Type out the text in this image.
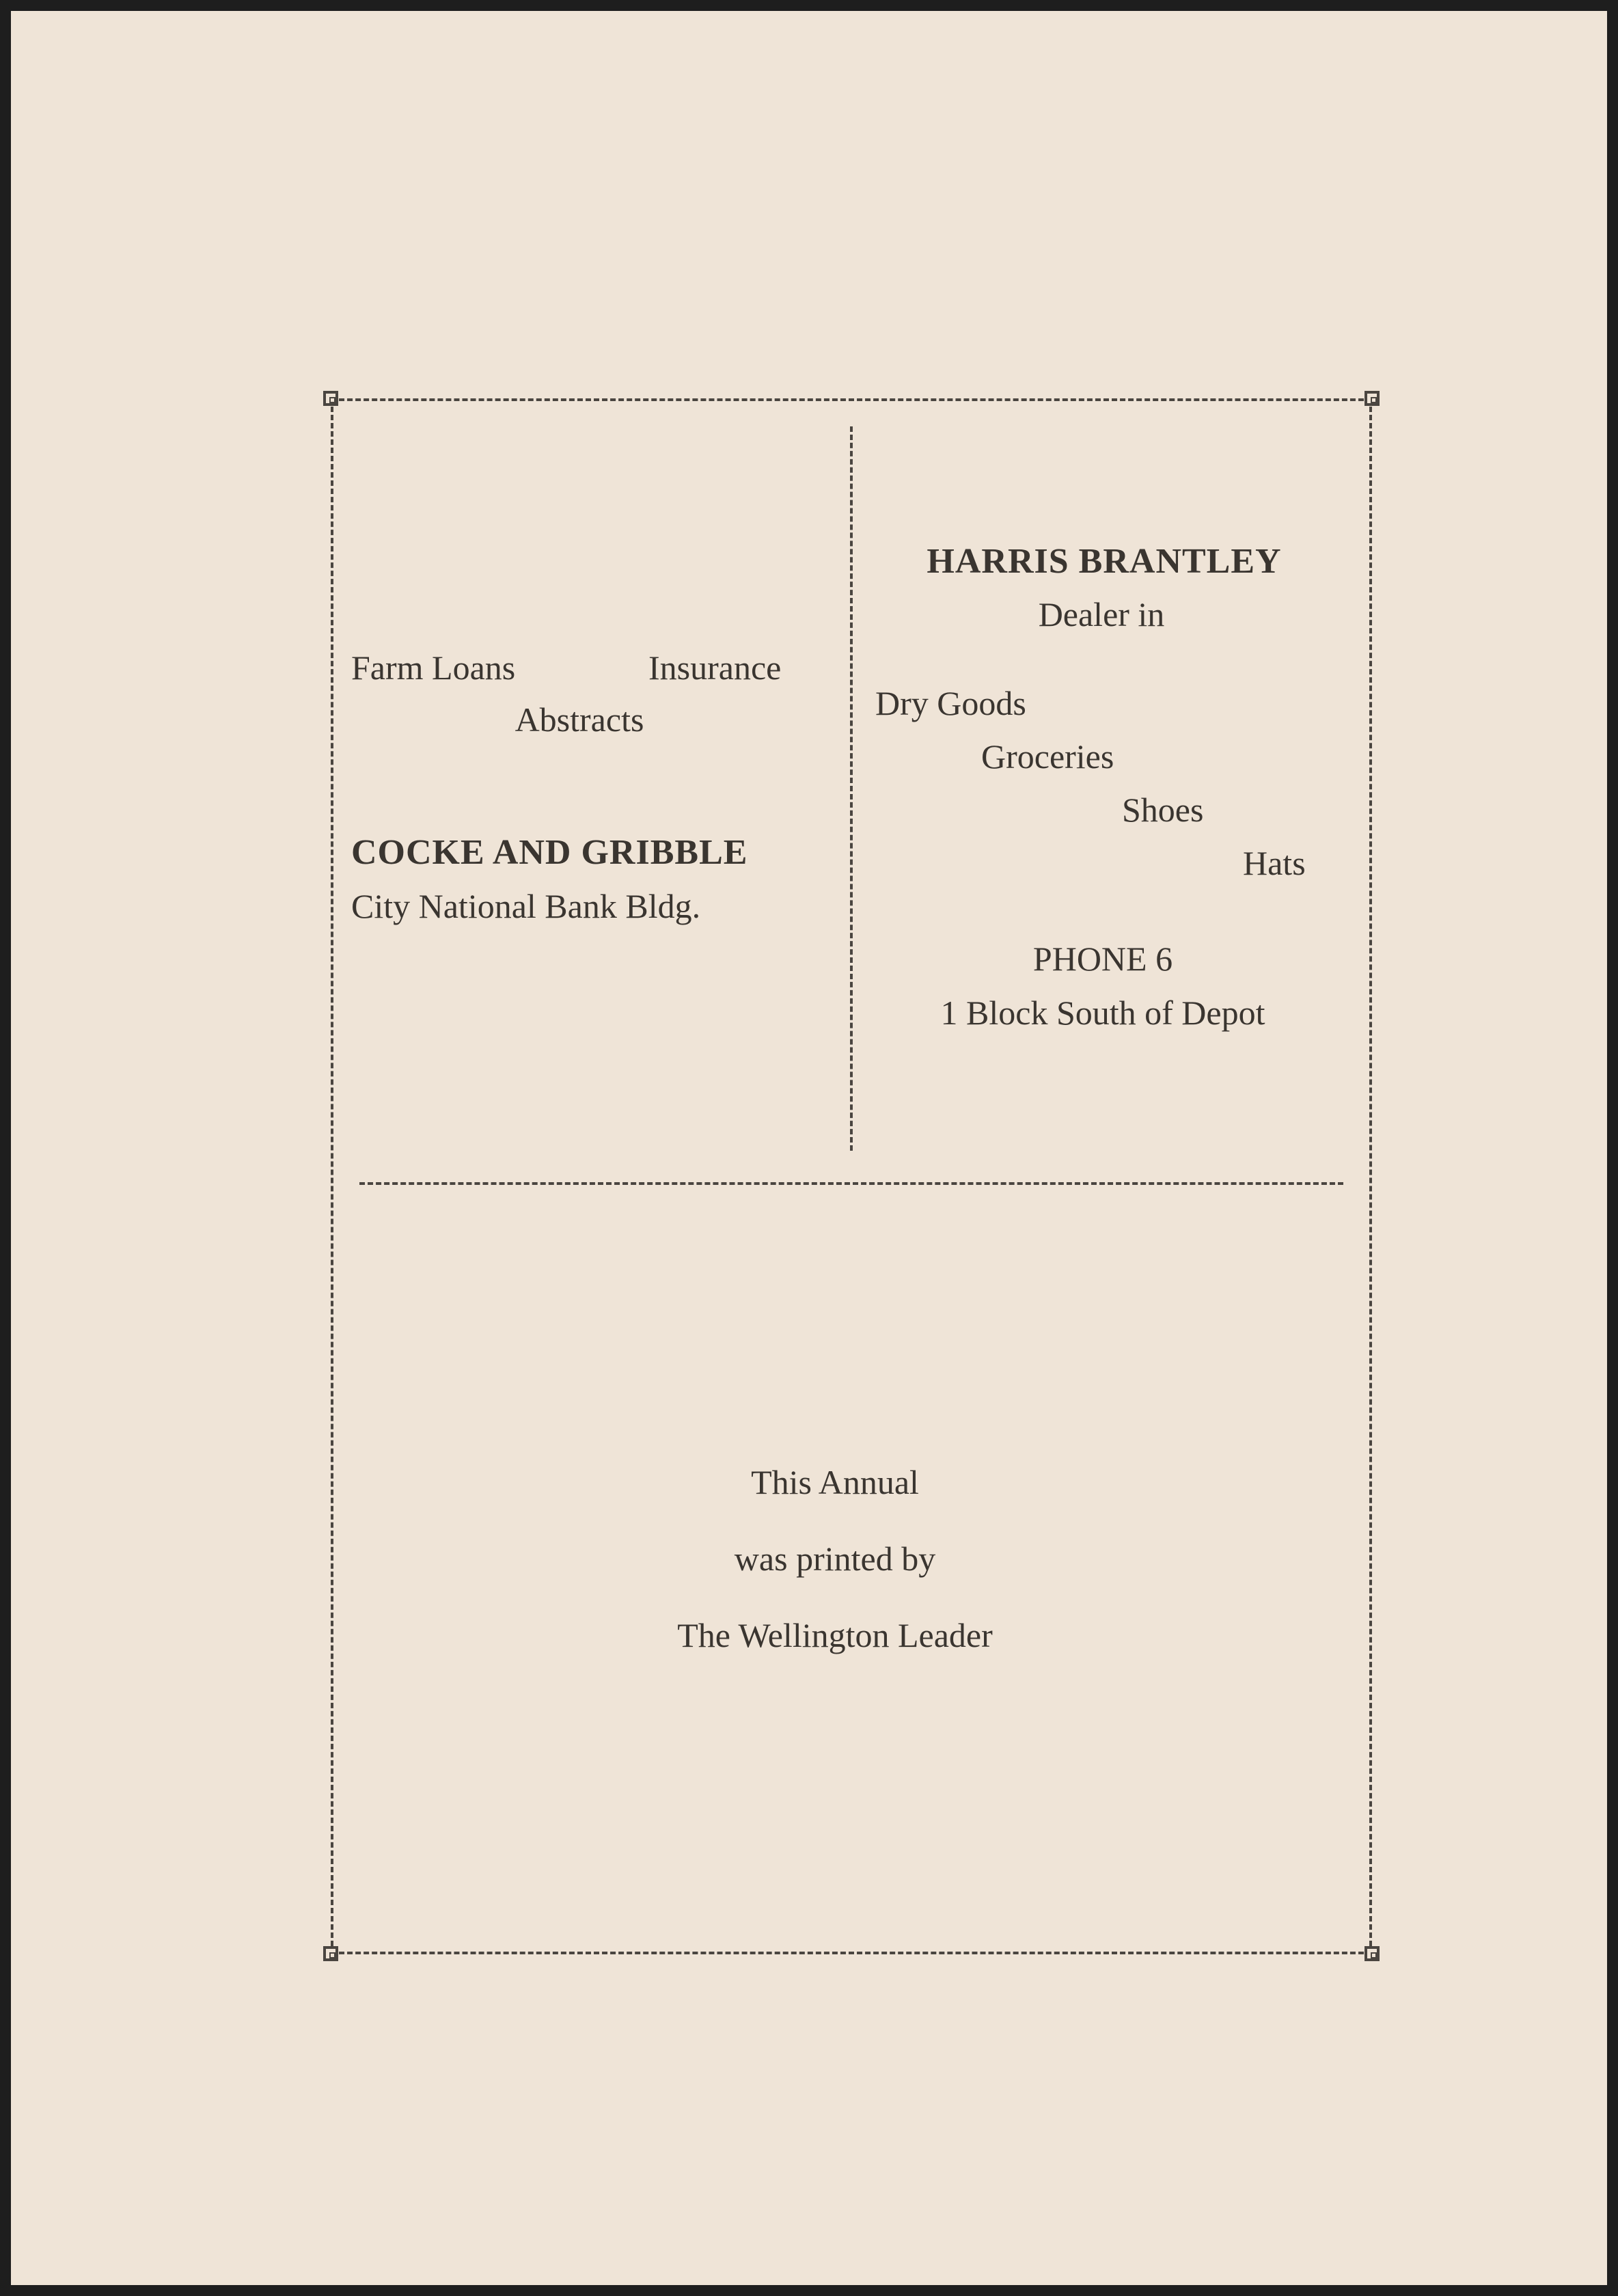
Farm Loans	Insurance

Abstracts

COCKE AND GRIBBLE

City National Bank Bldg.

HARRIS BRANTLEY

Dealer in

Dry Goods

Groceries

Shoes

Hats

PHONE 6

1 Block South of Depot

This Annual

was printed by

The Wellington Leader
